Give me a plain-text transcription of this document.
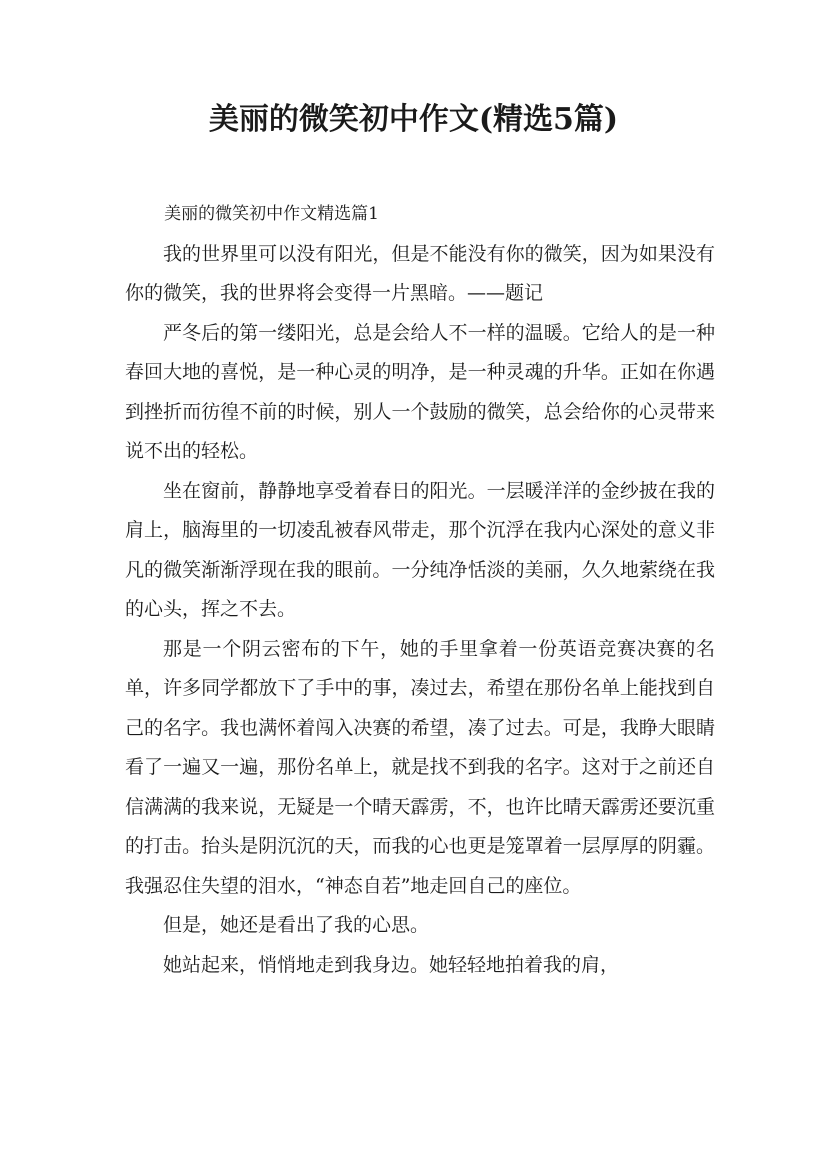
美丽的微笑初中作文(精选5篇)

美丽的微笑初中作文精选篇1

我的世界里可以没有阳光，但是不能没有你的微笑，因为如果没有你的微笑，我的世界将会变得一片黑暗。——题记

严冬后的第一缕阳光，总是会给人不一样的温暖。它给人的是一种春回大地的喜悦，是一种心灵的明净，是一种灵魂的升华。正如在你遇到挫折而彷徨不前的时候，别人一个鼓励的微笑，总会给你的心灵带来说不出的轻松。

坐在窗前，静静地享受着春日的阳光。一层暖洋洋的金纱披在我的肩上，脑海里的一切凌乱被春风带走，那个沉浮在我内心深处的意义非凡的微笑渐渐浮现在我的眼前。一分纯净恬淡的美丽，久久地萦绕在我的心头，挥之不去。

那是一个阴云密布的下午，她的手里拿着一份英语竞赛决赛的名单，许多同学都放下了手中的事，凑过去，希望在那份名单上能找到自己的名字。我也满怀着闯入决赛的希望，凑了过去。可是，我睁大眼睛看了一遍又一遍，那份名单上，就是找不到我的名字。这对于之前还自信满满的我来说，无疑是一个晴天霹雳，不，也许比晴天霹雳还要沉重的打击。抬头是阴沉沉的天，而我的心也更是笼罩着一层厚厚的阴霾。我强忍住失望的泪水，“神态自若”地走回自己的座位。

但是，她还是看出了我的心思。

她站起来，悄悄地走到我身边。她轻轻地拍着我的肩，
